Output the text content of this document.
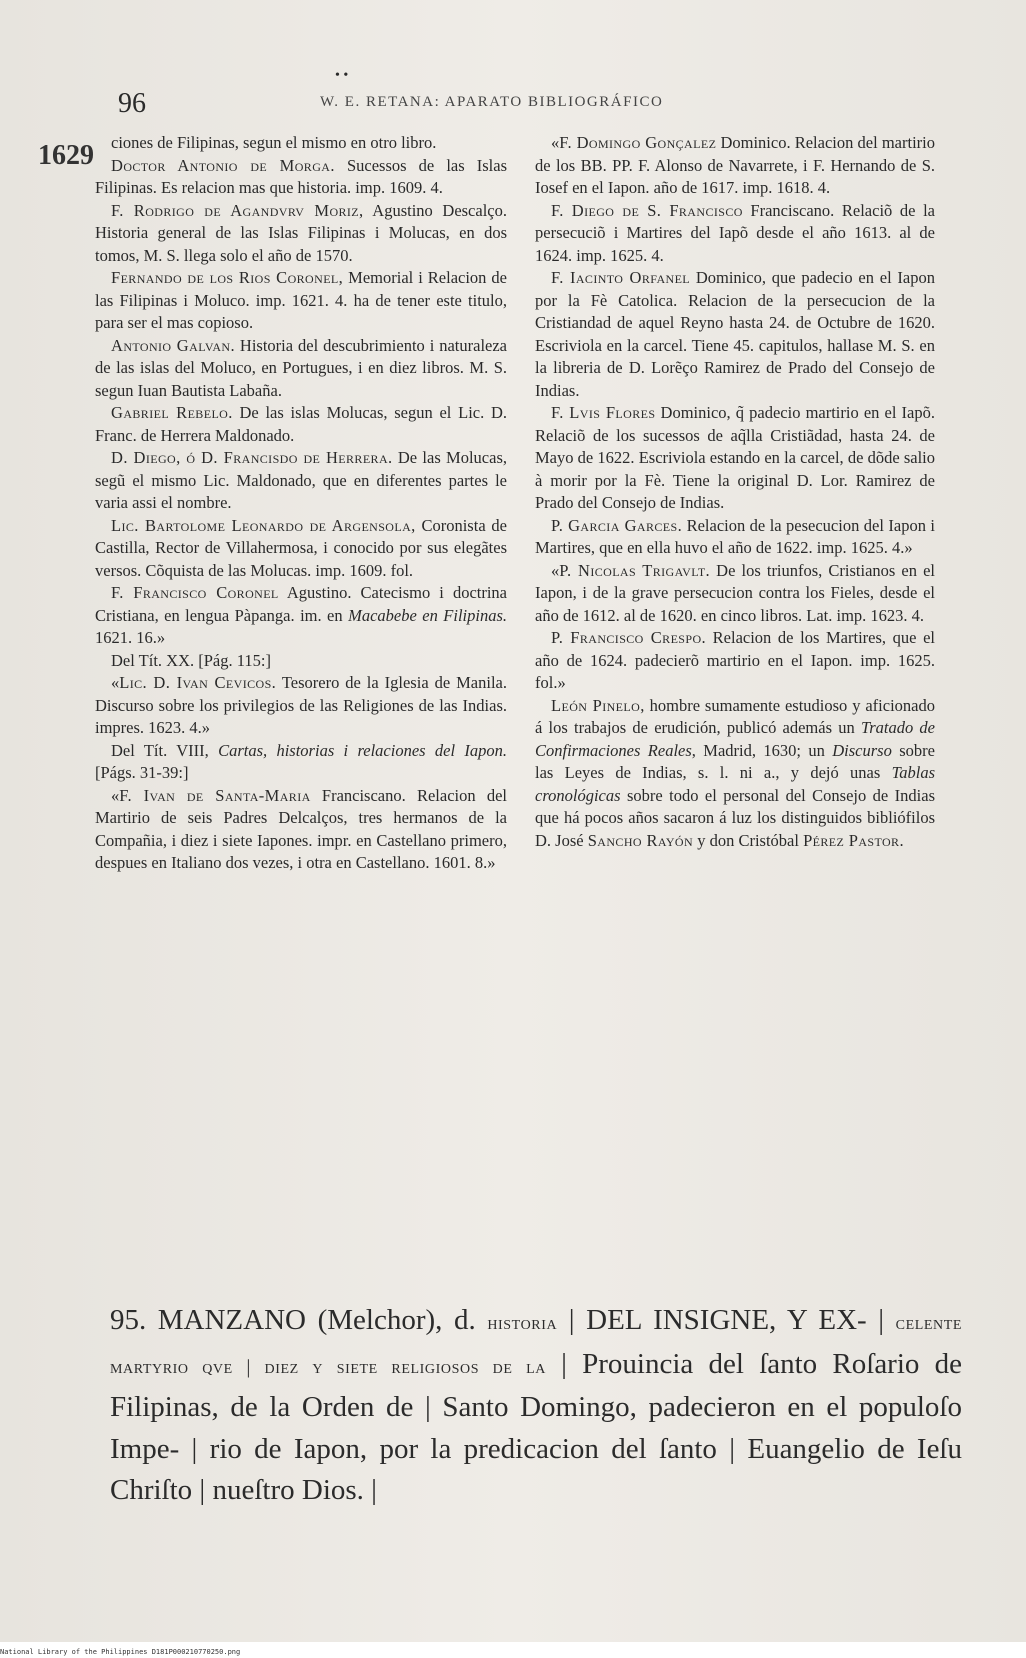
• •
96	W. E. RETANA: APARATO BIBLIOGRÁFICO
1629	ciones de Filipinas, segun el mismo en otro libro.

Doctor Antonio de Morga. Sucessos de las Islas Filipinas. Es relacion mas que historia. imp. 1609. 4.

F. Rodrigo de Agandvrv Moriz, Agustino Descalço. Historia general de las Islas Filipinas i Molucas, en dos tomos, M. S. llega solo el año de 1570.

Fernando de los Rios Coronel, Memorial i Relacion de las Filipinas i Moluco. imp. 1621. 4. ha de tener este titulo, para ser el mas copioso.

Antonio Galvan. Historia del descubrimiento i naturaleza de las islas del Moluco, en Portugues, i en diez libros. M. S. segun Iuan Bautista Labaña.

Gabriel Rebelo. De las islas Molucas, segun el Lic. D. Franc. de Herrera Maldonado.

D. Diego, ó D. Francisdo de Herrera. De las Molucas, segũ el mismo Lic. Maldonado, que en diferentes partes le varia assi el nombre.

Lic. Bartolome Leonardo de Argensola, Coronista de Castilla, Rector de Villahermosa, i conocido por sus elegãtes versos. Cõquista de las Molucas. imp. 1609. fol.

F. Francisco Coronel Agustino. Catecismo i doctrina Cristiana, en lengua Pàpanga. im. en Macabebe en Filipinas. 1621. 16.»

Del Tít. XX. [Pág. 115:]

«Lic. D. Ivan Cevicos. Tesorero de la Iglesia de Manila. Discurso sobre los privilegios de las Religiones de las Indias. impres. 1623. 4.»

Del Tít. VIII, Cartas, historias i relaciones del Iapon. [Págs. 31-39:]

«F. Ivan de Santa-Maria Franciscano. Relacion del Martirio de seis Padres Delcalços, tres hermanos de la Compañia, i diez i siete Iapones. impr. en Castellano primero, despues en Italiano dos vezes, i otra en Castellano. 1601. 8.»

«F. Domingo Gonçalez Dominico. Relacion del martirio de los BB. PP. F. Alonso de Navarrete, i F. Hernando de S. Iosef en el Iapon. año de 1617. imp. 1618. 4.

F. Diego de S. Francisco Franciscano. Relaciõ de la persecuciõ i Martires del Iapõ desde el año 1613. al de 1624. imp. 1625. 4.

F. Iacinto Orfanel Dominico, que padecio en el Iapon por la Fè Catolica. Relacion de la persecucion de la Cristiandad de aquel Reyno hasta 24. de Octubre de 1620. Escriviola en la carcel. Tiene 45. capitulos, hallase M. S. en la libreria de D. Lorẽço Ramirez de Prado del Consejo de Indias.

F. Lvis Flores Dominico, q̃ padecio martirio en el Iapõ. Relaciõ de los sucessos de aq̃lla Cristiãdad, hasta 24. de Mayo de 1622. Escriviola estando en la carcel, de dõde salio à morir por la Fè. Tiene la original D. Lor. Ramirez de Prado del Consejo de Indias.

P. Garcia Garces. Relacion de la pesecucion del Iapon i Martires, que en ella huvo el año de 1622. imp. 1625. 4.»

«P. Nicolas Trigavlt. De los triunfos, Cristianos en el Iapon, i de la grave persecucion contra los Fieles, desde el año de 1612. al de 1620. en cinco libros. Lat. imp. 1623. 4.

P. Francisco Crespo. Relacion de los Martires, que el año de 1624. padecierõ martirio en el Iapon. imp. 1625. fol.»

León Pinelo, hombre sumamente estudioso y aficionado á los trabajos de erudición, publicó además un Tratado de Confirmaciones Reales, Madrid, 1630; un Discurso sobre las Leyes de Indias, s. l. ni a., y dejó unas Tablas cronológicas sobre todo el personal del Consejo de Indias que há pocos años sacaron á luz los distinguidos bibliófilos D. José Sancho Rayón y don Cristóbal Pérez Pastor.

95. MANZANO (Melchor), d. historia | DEL INSIGNE, Y EX- | celente martyrio qve | diez y siete religiosos de la | Prouincia del ſanto Roſario de Filipinas, de la Orden de | Santo Domingo, padecieron en el populoſo Impe- | rio de Iapon, por la predicacion del ſanto | Euangelio de Ieſu Chriſto | nueſtro Dios. |
National Library of the Philippines D181P000210770250.png
